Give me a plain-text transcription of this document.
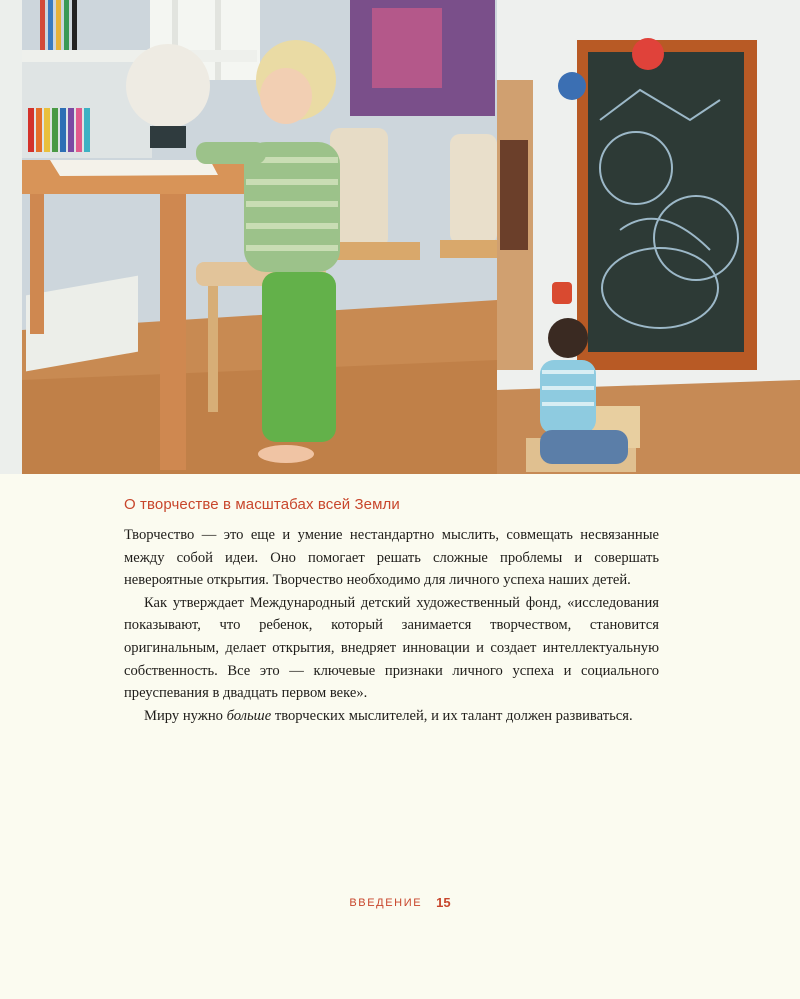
О творчестве в масштабах всей Земли

Творчество — это еще и умение нестандартно мыслить, совмещать несвязанные между собой идеи. Оно помогает решать сложные проблемы и совершать невероятные открытия. Творчество необходимо для личного успеха наших детей.

Как утверждает Международный детский художественный фонд, «исследования показывают, что ребенок, который занимается творчеством, становится оригинальным, делает открытия, внедряет инновации и создает интеллектуальную собственность. Все это — ключевые признаки личного успеха и социального преуспевания в двадцать первом веке».

Миру нужно больше творческих мыслителей, и их талант должен развиваться.

ВВЕДЕНИЕ 15
